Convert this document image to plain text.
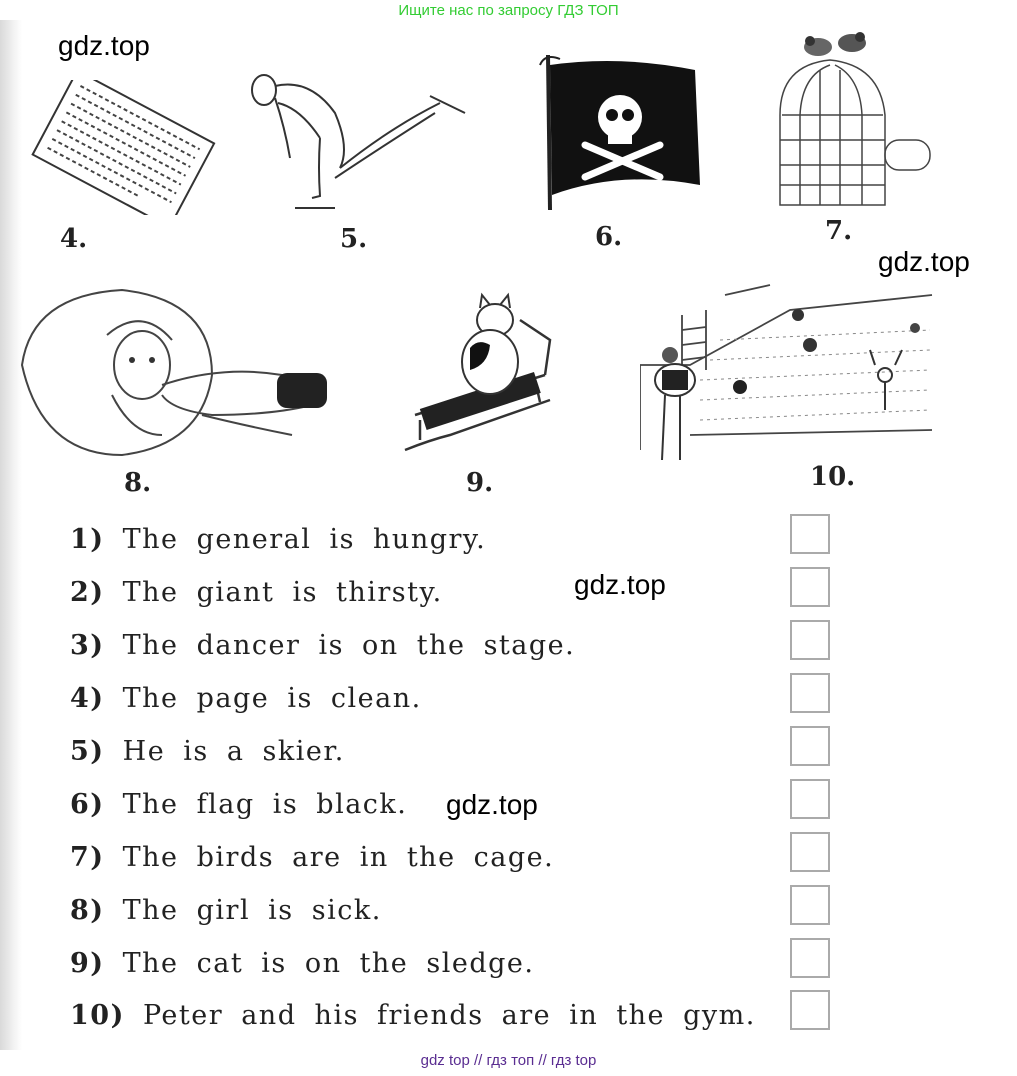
Ищите нас по запросу ГДЗ ТОП
gdz.top
gdz.top
gdz.top
gdz.top
4.	5.	6.	7.
8.	9.	10.
1) The general is hungry.
2) The giant is thirsty.
3) The dancer is on the stage.
4) The page is clean.
5) He is a skier.
6) The flag is black.
7) The birds are in the cage.
8) The girl is sick.
9) The cat is on the sledge.
10) Peter and his friends are in the gym.
gdz top // гдз топ // гдз top
